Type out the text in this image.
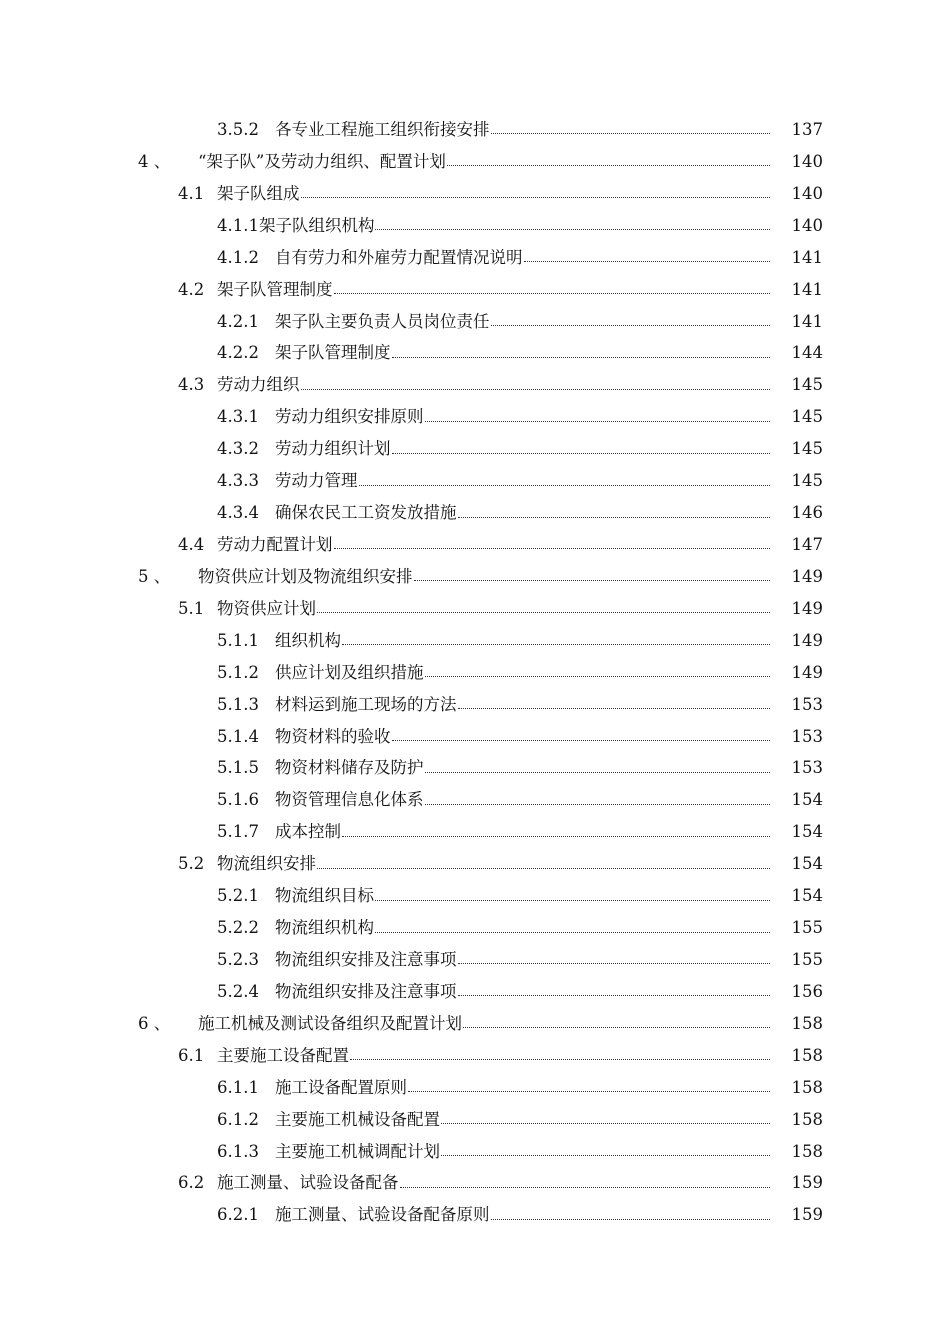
3.5.2 各专业工程施工组织衔接安排	137
4 、	“架子队”及劳动力组织、配置计划	140
4.1 架子队组成	140
4.1.1 架子队组织机构	140
4.1.2 自有劳力和外雇劳力配置情况说明	141
4.2 架子队管理制度	141
4.2.1 架子队主要负责人员岗位责任	141
4.2.2 架子队管理制度	144
4.3 劳动力组织	145
4.3.1 劳动力组织安排原则	145
4.3.2 劳动力组织计划	145
4.3.3 劳动力管理	145
4.3.4 确保农民工工资发放措施	146
4.4 劳动力配置计划	147
5 、	物资供应计划及物流组织安排	149
5.1 物资供应计划	149
5.1.1 组织机构	149
5.1.2 供应计划及组织措施	149
5.1.3 材料运到施工现场的方法	153
5.1.4 物资材料的验收	153
5.1.5 物资材料储存及防护	153
5.1.6 物资管理信息化体系	154
5.1.7 成本控制	154
5.2 物流组织安排	154
5.2.1 物流组织目标	154
5.2.2 物流组织机构	155
5.2.3 物流组织安排及注意事项	155
5.2.4 物流组织安排及注意事项	156
6 、	施工机械及测试设备组织及配置计划	158
6.1 主要施工设备配置	158
6.1.1 施工设备配置原则	158
6.1.2 主要施工机械设备配置	158
6.1.3 主要施工机械调配计划	158
6.2 施工测量、试验设备配备	159
6.2.1 施工测量、试验设备配备原则	159
